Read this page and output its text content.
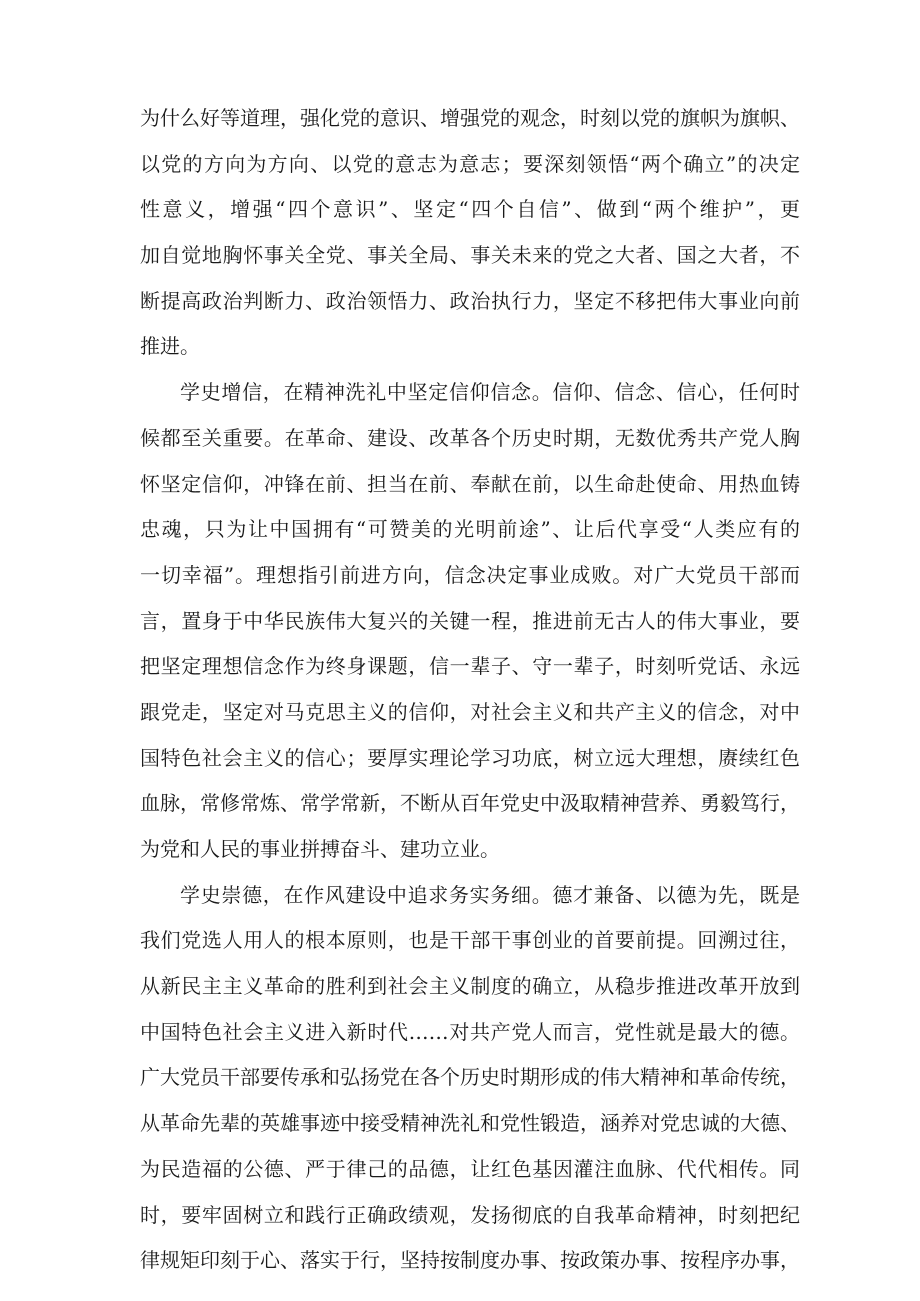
为什么好等道理，强化党的意识、增强党的观念，时刻以党的旗帜为旗帜、
以党的方向为方向、以党的意志为意志；要深刻领悟“两个确立”的决定
性意义，增强“四个意识”、坚定“四个自信”、做到“两个维护”，更
加自觉地胸怀事关全党、事关全局、事关未来的党之大者、国之大者，不
断提高政治判断力、政治领悟力、政治执行力，坚定不移把伟大事业向前
推进。
学史增信，在精神洗礼中坚定信仰信念。信仰、信念、信心，任何时
候都至关重要。在革命、建设、改革各个历史时期，无数优秀共产党人胸
怀坚定信仰，冲锋在前、担当在前、奉献在前，以生命赴使命、用热血铸
忠魂，只为让中国拥有“可赞美的光明前途”、让后代享受“人类应有的
一切幸福”。理想指引前进方向，信念决定事业成败。对广大党员干部而
言，置身于中华民族伟大复兴的关键一程，推进前无古人的伟大事业，要
把坚定理想信念作为终身课题，信一辈子、守一辈子，时刻听党话、永远
跟党走，坚定对马克思主义的信仰，对社会主义和共产主义的信念，对中
国特色社会主义的信心；要厚实理论学习功底，树立远大理想，赓续红色
血脉，常修常炼、常学常新，不断从百年党史中汲取精神营养、勇毅笃行，
为党和人民的事业拼搏奋斗、建功立业。
学史崇德，在作风建设中追求务实务细。德才兼备、以德为先，既是
我们党选人用人的根本原则，也是干部干事创业的首要前提。回溯过往，
从新民主主义革命的胜利到社会主义制度的确立，从稳步推进改革开放到
中国特色社会主义进入新时代……对共产党人而言，党性就是最大的德。
广大党员干部要传承和弘扬党在各个历史时期形成的伟大精神和革命传统，
从革命先辈的英雄事迹中接受精神洗礼和党性锻造，涵养对党忠诚的大德、
为民造福的公德、严于律己的品德，让红色基因灌注血脉、代代相传。同
时，要牢固树立和践行正确政绩观，发扬彻底的自我革命精神，时刻把纪
律规矩印刻于心、落实于行，坚持按制度办事、按政策办事、按程序办事，
